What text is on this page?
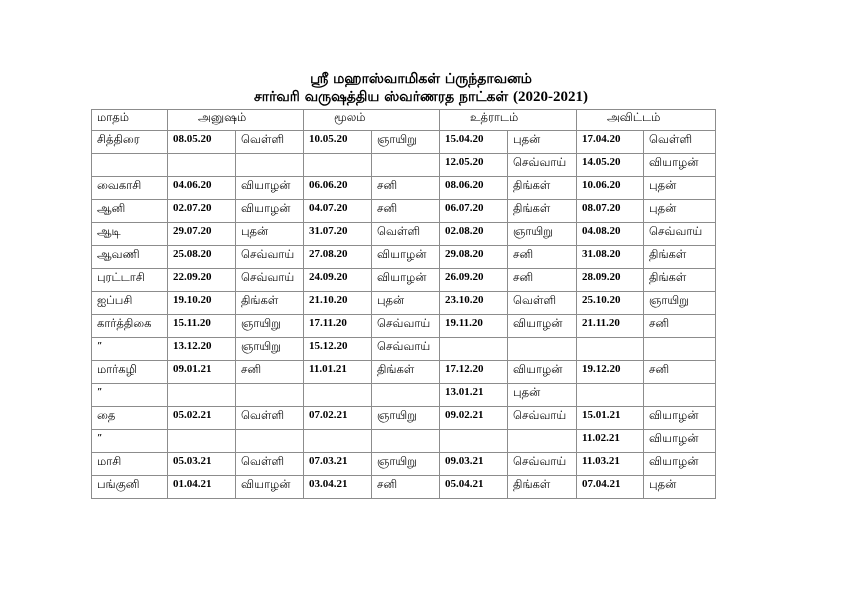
ஸ்ரீ மஹாஸ்வாமிகள் ப்ருந்தாவனம்
சார்வரி வருஷத்திய ஸ்வர்ணரத நாட்கள் (2020-2021)
மாதம்	அனுஷம்		மூலம்		உத்ராடம்		அவிட்டம்	
சித்திரை	08.05.20	வெள்ளி	10.05.20	ஞாயிறு	15.04.20	புதன்	17.04.20	வெள்ளி
					12.05.20	செவ்வாய்	14.05.20	வியாழன்
வைகாசி	04.06.20	வியாழன்	06.06.20	சனி	08.06.20	திங்கள்	10.06.20	புதன்
ஆனி	02.07.20	வியாழன்	04.07.20	சனி	06.07.20	திங்கள்	08.07.20	புதன்
ஆடி	29.07.20	புதன்	31.07.20	வெள்ளி	02.08.20	ஞாயிறு	04.08.20	செவ்வாய்
ஆவணி	25.08.20	செவ்வாய்	27.08.20	வியாழன்	29.08.20	சனி	31.08.20	திங்கள்
புரட்டாசி	22.09.20	செவ்வாய்	24.09.20	வியாழன்	26.09.20	சனி	28.09.20	திங்கள்
ஐப்பசி	19.10.20	திங்கள்	21.10.20	புதன்	23.10.20	வெள்ளி	25.10.20	ஞாயிறு
கார்த்திகை	15.11.20	ஞாயிறு	17.11.20	செவ்வாய்	19.11.20	வியாழன்	21.11.20	சனி
”	13.12.20	ஞாயிறு	15.12.20	செவ்வாய்				
மார்கழி	09.01.21	சனி	11.01.21	திங்கள்	17.12.20	வியாழன்	19.12.20	சனி
”					13.01.21	புதன்		
தை	05.02.21	வெள்ளி	07.02.21	ஞாயிறு	09.02.21	செவ்வாய்	15.01.21	வியாழன்
”							11.02.21	வியாழன்
மாசி	05.03.21	வெள்ளி	07.03.21	ஞாயிறு	09.03.21	செவ்வாய்	11.03.21	வியாழன்
பங்குனி	01.04.21	வியாழன்	03.04.21	சனி	05.04.21	திங்கள்	07.04.21	புதன்
